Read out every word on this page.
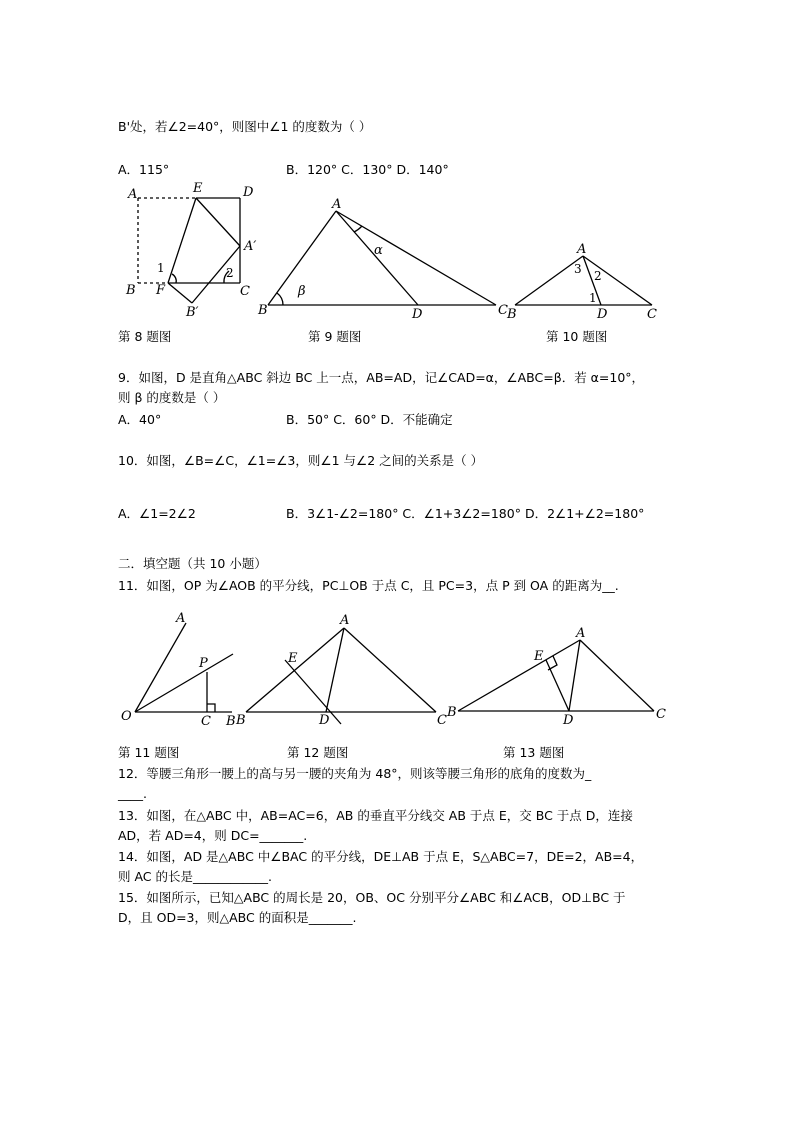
B'处，若∠2=40°，则图中∠1 的度数为（ ）
A．115°	B．120° C．130° D．140°
A	E	D
A′
1	2
B F	C
B′
A
α
β
B	D	C
A
3 2
1
B	D	C
第 8 题图	第 9 题图	第 10 题图
9．如图，D 是直角△ABC 斜边 BC 上一点，AB=AD，记∠CAD=α，∠ABC=β．若 α=10°，
则 β 的度数是（ ）
A．40°	B．50° C．60° D．不能确定
10．如图，∠B=∠C，∠1=∠3，则∠1 与∠2 之间的关系是（ ）
A．∠1=2∠2	B．3∠1-∠2=180° C．∠1+3∠2=180° D．2∠1+∠2=180°
二．填空题（共 10 小题）
11．如图，OP 为∠AOB 的平分线，PC⊥OB 于点 C，且 PC=3，点 P 到 OA 的距离为__.
A
P
O	C B
A
E
B	D	C
A
E
B
D	C
第 11 题图	第 12 题图	第 13 题图
12．等腰三角形一腰上的高与另一腰的夹角为 48°，则该等腰三角形的底角的度数为_
____.
13．如图，在△ABC 中，AB=AC=6，AB 的垂直平分线交 AB 于点 E，交 BC 于点 D，连接
AD，若 AD=4，则 DC=_______.
14．如图，AD 是△ABC 中∠BAC 的平分线，DE⊥AB 于点 E，S△ABC=7，DE=2，AB=4，
则 AC 的长是____________.
15．如图所示，已知△ABC 的周长是 20，OB、OC 分别平分∠ABC 和∠ACB，OD⊥BC 于
D，且 OD=3，则△ABC 的面积是_______.
